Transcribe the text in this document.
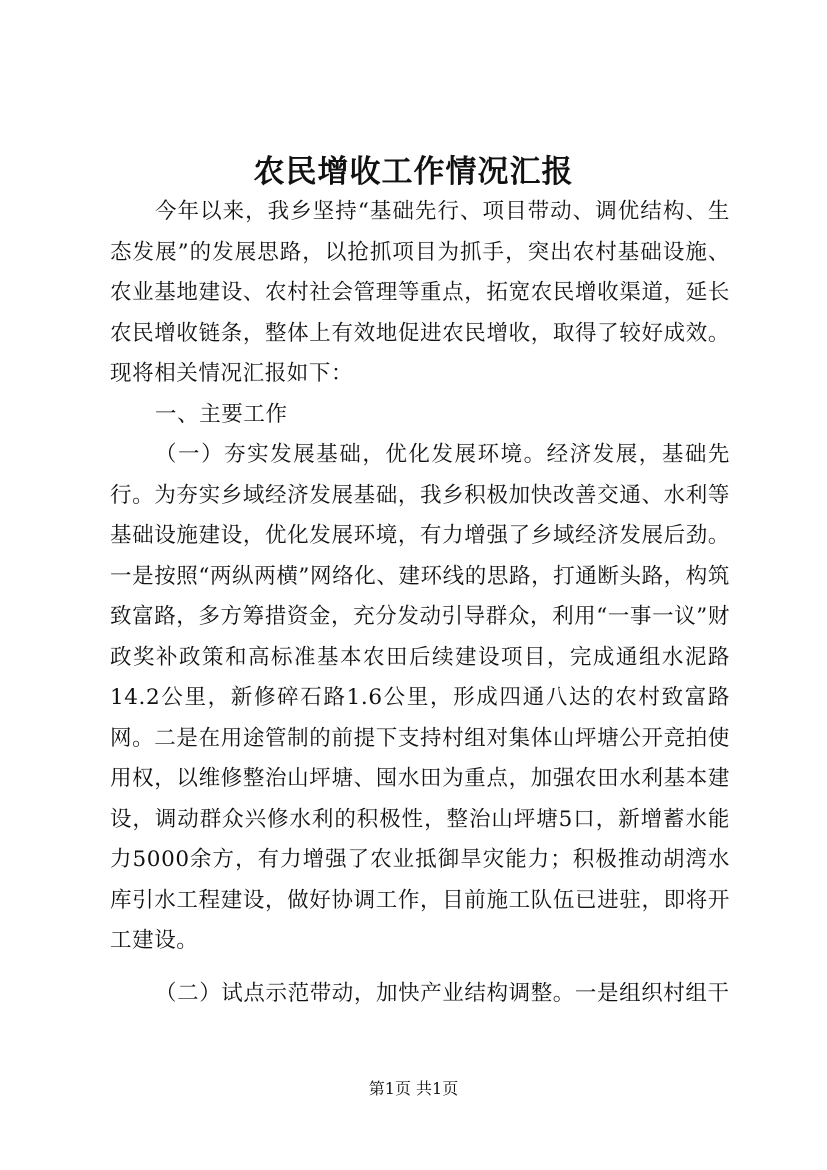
农民增收工作情况汇报

今年以来，我乡坚持“基础先行、项目带动、调优结构、生态发展”的发展思路，以抢抓项目为抓手，突出农村基础设施、农业基地建设、农村社会管理等重点，拓宽农民增收渠道，延长农民增收链条，整体上有效地促进农民增收，取得了较好成效。现将相关情况汇报如下：

一、主要工作

（一）夯实发展基础，优化发展环境。经济发展，基础先行。为夯实乡域经济发展基础，我乡积极加快改善交通、水利等基础设施建设，优化发展环境，有力增强了乡域经济发展后劲。一是按照“两纵两横”网络化、建环线的思路，打通断头路，构筑致富路，多方筹措资金，充分发动引导群众，利用“一事一议”财政奖补政策和高标准基本农田后续建设项目，完成通组水泥路14.2公里，新修碎石路1.6公里，形成四通八达的农村致富路网。二是在用途管制的前提下支持村组对集体山坪塘公开竞拍使用权，以维修整治山坪塘、囤水田为重点，加强农田水利基本建设，调动群众兴修水利的积极性，整治山坪塘5口，新增蓄水能力5000余方，有力增强了农业抵御旱灾能力；积极推动胡湾水库引水工程建设，做好协调工作，目前施工队伍已进驻，即将开工建设。

（二）试点示范带动，加快产业结构调整。一是组织村组干

第1页 共1页
